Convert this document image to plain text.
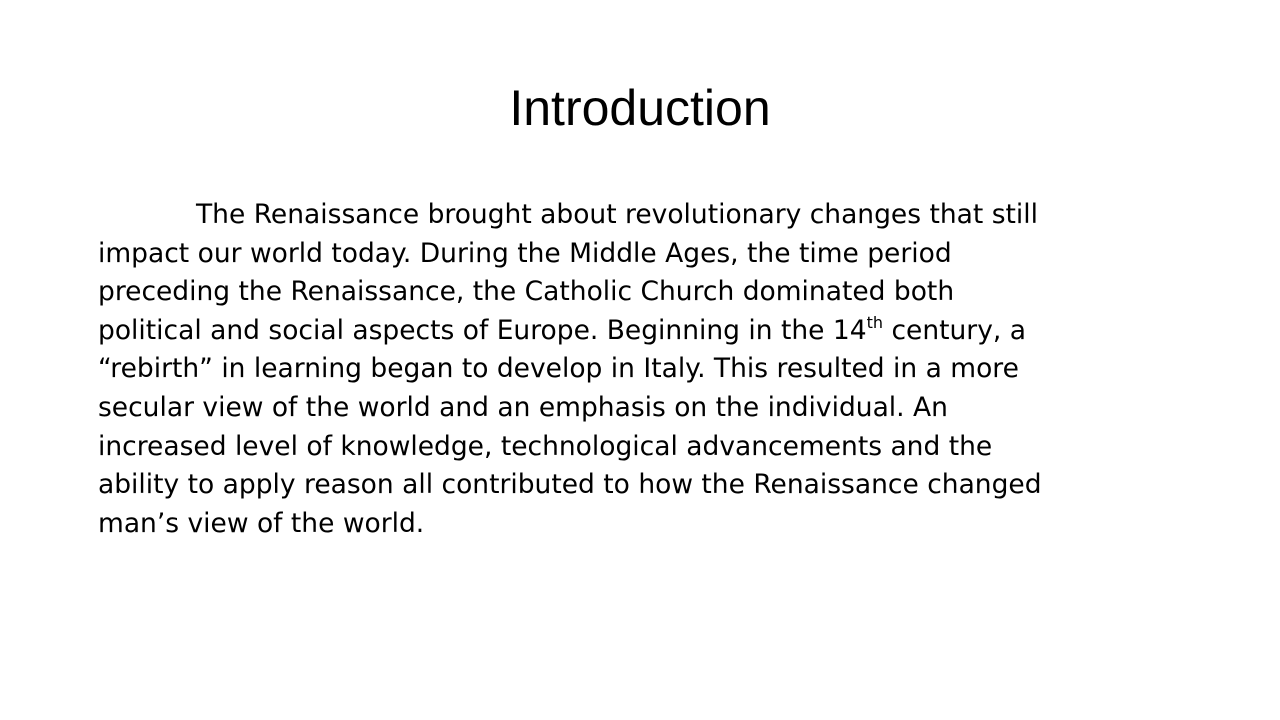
Introduction
The Renaissance brought about revolutionary changes that still
impact our world today. During the Middle Ages, the time period
preceding the Renaissance, the Catholic Church dominated both
political and social aspects of Europe. Beginning in the 14th century, a
“rebirth” in learning began to develop in Italy. This resulted in a more
secular view of the world and an emphasis on the individual. An
increased level of knowledge, technological advancements and the
ability to apply reason all contributed to how the Renaissance changed
man’s view of the world.
